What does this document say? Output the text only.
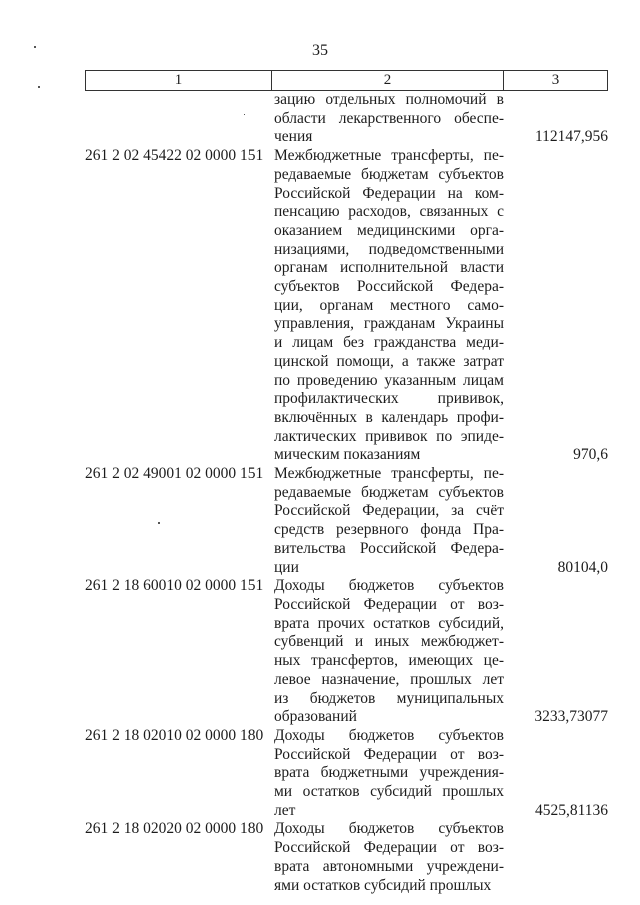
35
1	2	3
зацию отдельных полномочий в
области лекарственного обеспе-
чения	112147,956
261 2 02 45422 02 0000 151 Межбюджетные трансферты, пе-
редаваемые бюджетам субъектов
Российской Федерации на ком-
пенсацию расходов, связанных с
оказанием медицинскими орга-
низациями, подведомственными
органам исполнительной власти
субъектов Российской Федера-
ции, органам местного само-
управления, гражданам Украины
и лицам без гражданства меди-
цинской помощи, а также затрат
по проведению указанным лицам
профилактических прививок,
включённых в календарь профи-
лактических прививок по эпиде-
мическим показаниям	970,6
261 2 02 49001 02 0000 151 Межбюджетные трансферты, пе-
редаваемые бюджетам субъектов
Российской Федерации, за счёт
средств резервного фонда Пра-
вительства Российской Федера-
ции	80104,0
261 2 18 60010 02 0000 151 Доходы бюджетов субъектов
Российской Федерации от воз-
врата прочих остатков субсидий,
субвенций и иных межбюджет-
ных трансфертов, имеющих це-
левое назначение, прошлых лет
из бюджетов муниципальных
образований	3233,73077
261 2 18 02010 02 0000 180 Доходы бюджетов субъектов
Российской Федерации от воз-
врата бюджетными учреждения-
ми остатков субсидий прошлых
лет	4525,81136
261 2 18 02020 02 0000 180 Доходы бюджетов субъектов
Российской Федерации от воз-
врата автономными учреждени-
ями остатков субсидий прошлых
